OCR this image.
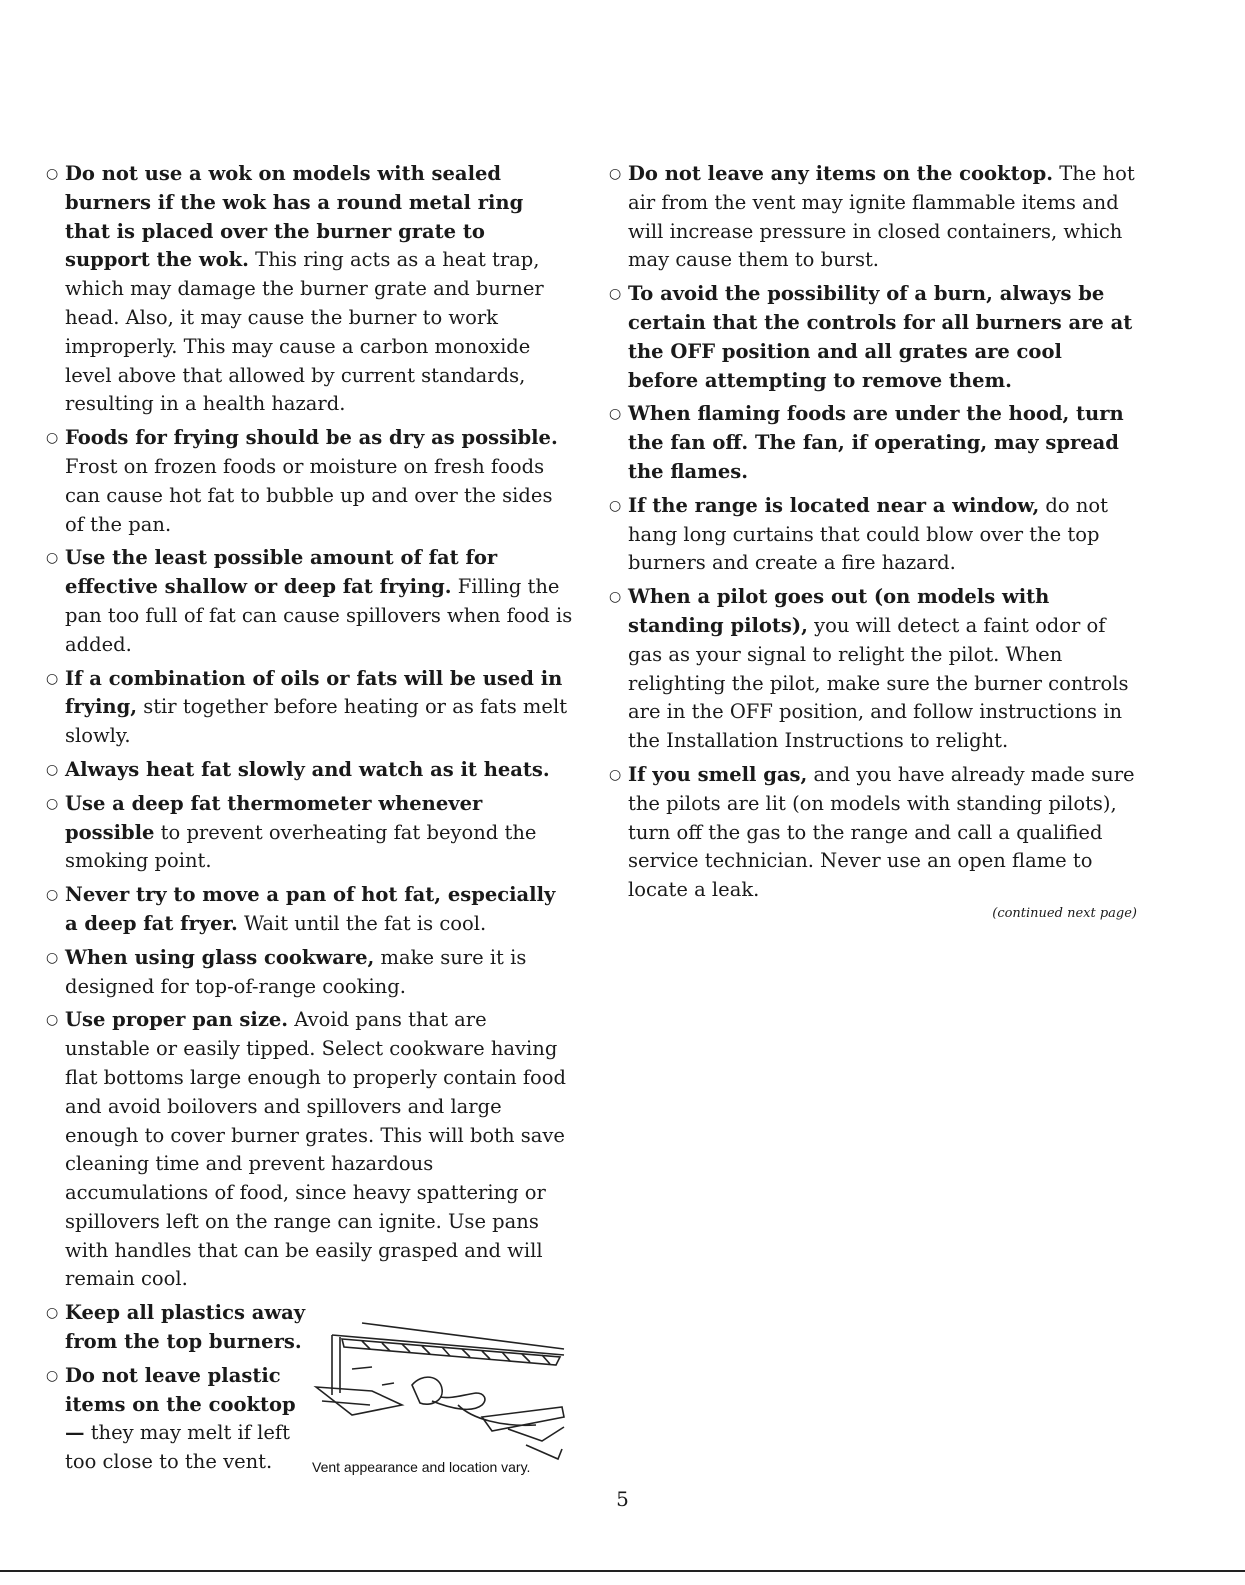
○ Do not use a wok on models with sealed burners if the wok has a round metal ring that is placed over the burner grate to support the wok. This ring acts as a heat trap, which may damage the burner grate and burner head. Also, it may cause the burner to work improperly. This may cause a carbon monoxide level above that allowed by current standards, resulting in a health hazard.
○ Foods for frying should be as dry as possible. Frost on frozen foods or moisture on fresh foods can cause hot fat to bubble up and over the sides of the pan.
○ Use the least possible amount of fat for effective shallow or deep fat frying. Filling the pan too full of fat can cause spillovers when food is added.
○ If a combination of oils or fats will be used in frying, stir together before heating or as fats melt slowly.
○ Always heat fat slowly and watch as it heats.
○ Use a deep fat thermometer whenever possible to prevent overheating fat beyond the smoking point.
○ Never try to move a pan of hot fat, especially a deep fat fryer. Wait until the fat is cool.
○ When using glass cookware, make sure it is designed for top-of-range cooking.
○ Use proper pan size. Avoid pans that are unstable or easily tipped. Select cookware having flat bottoms large enough to properly contain food and avoid boilovers and spillovers and large enough to cover burner grates. This will both save cleaning time and prevent hazardous accumulations of food, since heavy spattering or spillovers left on the range can ignite. Use pans with handles that can be easily grasped and will remain cool.
○ Keep all plastics away from the top burners.
○ Do not leave plastic items on the cooktop— they may melt if left too close to the vent.	Vent appearance and location vary.
○ Do not leave any items on the cooktop. The hot air from the vent may ignite flammable items and will increase pressure in closed containers, which may cause them to burst.
○ To avoid the possibility of a burn, always be certain that the controls for all burners are at the OFF position and all grates are cool before attempting to remove them.
○ When flaming foods are under the hood, turn the fan off. The fan, if operating, may spread the flames.
○ If the range is located near a window, do not hang long curtains that could blow over the top burners and create a fire hazard.
○ When a pilot goes out (on models with standing pilots), you will detect a faint odor of gas as your signal to relight the pilot. When relighting the pilot, make sure the burner controls are in the OFF position, and follow instructions in the Installation Instructions to relight.
○ If you smell gas, and you have already made sure the pilots are lit (on models with standing pilots), turn off the gas to the range and call a qualified service technician. Never use an open flame to locate a leak.
(continued next page)
5
